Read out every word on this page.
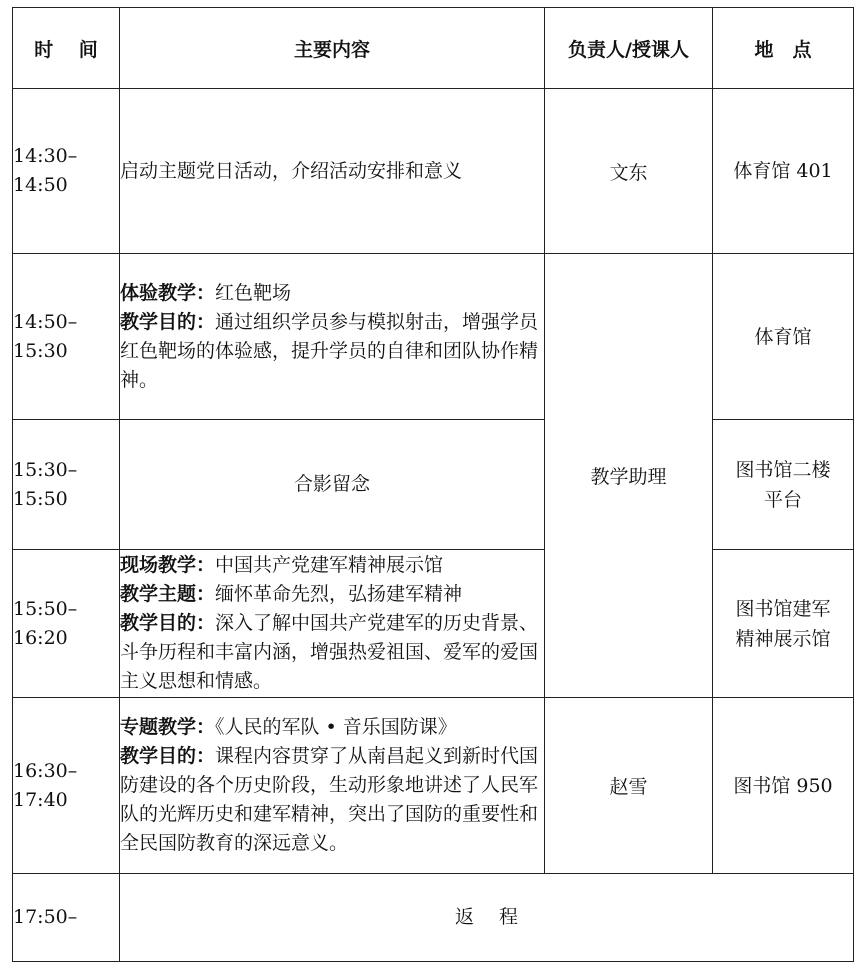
时　 间	主要内容	负责人/授课人	地　点

14:30–
14:50	启动主题党日活动，介绍活动安排和意义	文东	体育馆 401

14:50–
15:30	体验教学：红色靶场
教学目的：通过组织学员参与模拟射击，增强学员红色靶场的体验感，提升学员的自律和团队协作精神。	教学助理	体育馆

15:30–
15:50	合影留念		图书馆二楼
平台

15:50–
16:20	现场教学：中国共产党建军精神展示馆
教学主题：缅怀革命先烈，弘扬建军精神
教学目的：深入了解中国共产党建军的历史背景、斗争历程和丰富内涵，增强热爱祖国、爱军的爱国主义思想和情感。		图书馆建军
精神展示馆

16:30–
17:40	专题教学：《人民的军队 • 音乐国防课》
教学目的：课程内容贯穿了从南昌起义到新时代国防建设的各个历史阶段，生动形象地讲述了人民军队的光辉历史和建军精神，突出了国防的重要性和全民国防教育的深远意义。	赵雪	图书馆 950

17:50–	返　 程		
